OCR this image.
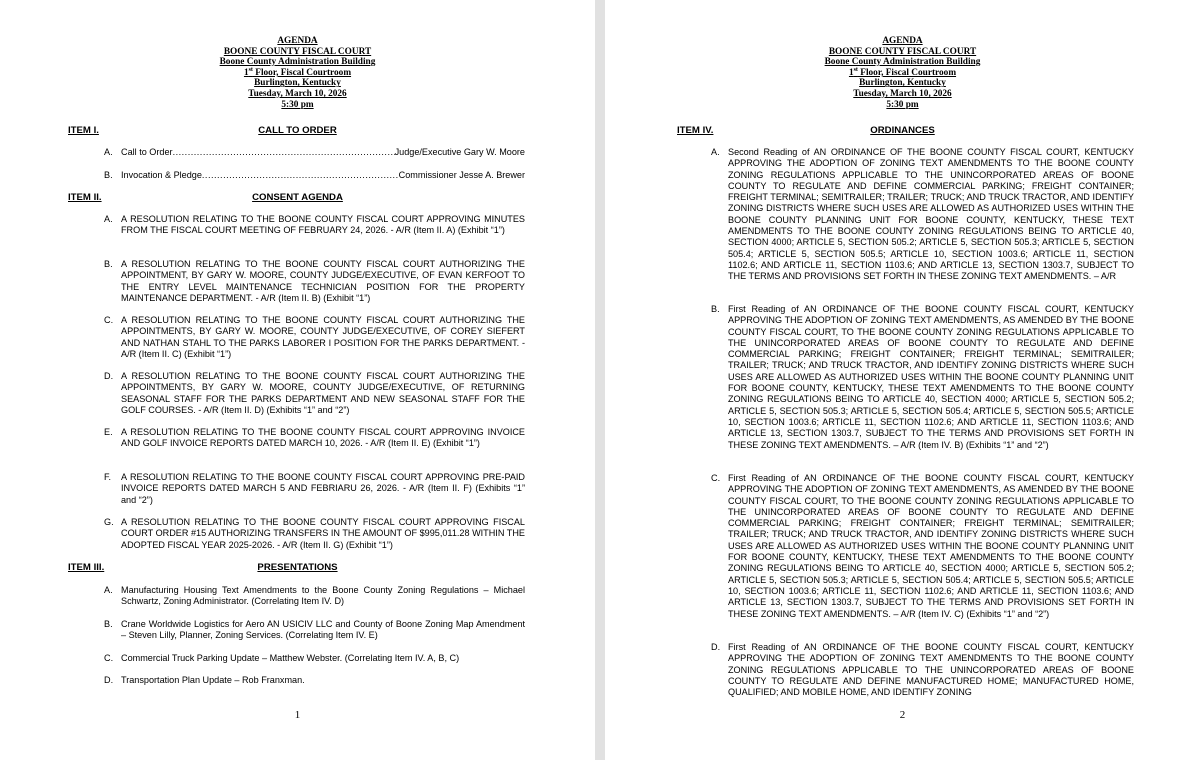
AGENDA
BOONE COUNTY FISCAL COURT
Boone County Administration Building
1st Floor, Fiscal Courtroom
Burlington, Kentucky
Tuesday, March 10, 2026
5:30 pm
ITEM I.	CALL TO ORDER
A. Call to Order .....	Judge/Executive Gary W. Moore
B. Invocation & Pledge .....	Commissioner Jesse A. Brewer
ITEM II.	CONSENT AGENDA
A. A RESOLUTION RELATING TO THE BOONE COUNTY FISCAL COURT APPROVING MINUTES FROM THE FISCAL COURT MEETING OF FEBRUARY 24, 2026. - A/R (Item II. A) (Exhibit “1”)
B. A RESOLUTION RELATING TO THE BOONE COUNTY FISCAL COURT AUTHORIZING THE APPOINTMENT, BY GARY W. MOORE, COUNTY JUDGE/EXECUTIVE, OF EVAN KERFOOT TO THE ENTRY LEVEL MAINTENANCE TECHNICIAN POSITION FOR THE PROPERTY MAINTENANCE DEPARTMENT. - A/R (Item II. B) (Exhibit “1”)
C. A RESOLUTION RELATING TO THE BOONE COUNTY FISCAL COURT AUTHORIZING THE APPOINTMENTS, BY GARY W. MOORE, COUNTY JUDGE/EXECUTIVE, OF COREY SIEFERT AND NATHAN STAHL TO THE PARKS LABORER I POSITION FOR THE PARKS DEPARTMENT. - A/R (Item II. C) (Exhibit “1”)
D. A RESOLUTION RELATING TO THE BOONE COUNTY FISCAL COURT AUTHORIZING THE APPOINTMENTS, BY GARY W. MOORE, COUNTY JUDGE/EXECUTIVE, OF RETURNING SEASONAL STAFF FOR THE PARKS DEPARTMENT AND NEW SEASONAL STAFF FOR THE GOLF COURSES. - A/R (Item II. D) (Exhibits “1” and “2”)
E. A RESOLUTION RELATING TO THE BOONE COUNTY FISCAL COURT APPROVING INVOICE AND GOLF INVOICE REPORTS DATED MARCH 10, 2026. - A/R (Item II. E) (Exhibit “1”)
F. A RESOLUTION RELATING TO THE BOONE COUNTY FISCAL COURT APPROVING PRE-PAID INVOICE REPORTS DATED MARCH 5 AND FEBRIARU 26, 2026. - A/R (Item II. F) (Exhibits “1” and “2”)
G. A RESOLUTION RELATING TO THE BOONE COUNTY FISCAL COURT APPROVING FISCAL COURT ORDER #15 AUTHORIZING TRANSFERS IN THE AMOUNT OF $995,011.28 WITHIN THE ADOPTED FISCAL YEAR 2025-2026. - A/R (Item II. G) (Exhibit “1”)
ITEM III.	PRESENTATIONS
A. Manufacturing Housing Text Amendments to the Boone County Zoning Regulations – Michael Schwartz, Zoning Administrator. (Correlating Item IV. D)
B. Crane Worldwide Logistics for Aero AN USICIV LLC and County of Boone Zoning Map Amendment – Steven Lilly, Planner, Zoning Services. (Correlating Item IV. E)
C. Commercial Truck Parking Update – Matthew Webster. (Correlating Item IV. A, B, C)
D. Transportation Plan Update – Rob Franxman.
1
AGENDA
BOONE COUNTY FISCAL COURT
Boone County Administration Building
1st Floor, Fiscal Courtroom
Burlington, Kentucky
Tuesday, March 10, 2026
5:30 pm
ITEM IV.	ORDINANCES
A. Second Reading of AN ORDINANCE OF THE BOONE COUNTY FISCAL COURT, KENTUCKY APPROVING THE ADOPTION OF ZONING TEXT AMENDMENTS TO THE BOONE COUNTY ZONING REGULATIONS APPLICABLE TO THE UNINCORPORATED AREAS OF BOONE COUNTY TO REGULATE AND DEFINE COMMERCIAL PARKING; FREIGHT CONTAINER; FREIGHT TERMINAL; SEMITRAILER; TRAILER; TRUCK; AND TRUCK TRACTOR, AND IDENTIFY ZONING DISTRICTS WHERE SUCH USES ARE ALLOWED AS AUTHORIZED USES WITHIN THE BOONE COUNTY PLANNING UNIT FOR BOONE COUNTY, KENTUCKY, THESE TEXT AMENDMENTS TO THE BOONE COUNTY ZONING REGULATIONS BEING TO ARTICLE 40, SECTION 4000; ARTICLE 5, SECTION 505.2; ARTICLE 5, SECTION 505.3; ARTICLE 5, SECTION 505.4; ARTICLE 5, SECTION 505.5; ARTICLE 10, SECTION 1003.6; ARTICLE 11, SECTION 1102.6; AND ARTICLE 11, SECTION 1103.6; AND ARTICLE 13, SECTION 1303.7, SUBJECT TO THE TERMS AND PROVISIONS SET FORTH IN THESE ZONING TEXT AMENDMENTS. – A/R
B. First Reading of AN ORDINANCE OF THE BOONE COUNTY FISCAL COURT, KENTUCKY APPROVING THE ADOPTION OF ZONING TEXT AMENDMENTS, AS AMENDED BY THE BOONE COUNTY FISCAL COURT, TO THE BOONE COUNTY ZONING REGULATIONS APPLICABLE TO THE UNINCORPORATED AREAS OF BOONE COUNTY TO REGULATE AND DEFINE COMMERCIAL PARKING; FREIGHT CONTAINER; FREIGHT TERMINAL; SEMITRAILER; TRAILER; TRUCK; AND TRUCK TRACTOR, AND IDENTIFY ZONING DISTRICTS WHERE SUCH USES ARE ALLOWED AS AUTHORIZED USES WITHIN THE BOONE COUNTY PLANNING UNIT FOR BOONE COUNTY, KENTUCKY, THESE TEXT AMENDMENTS TO THE BOONE COUNTY ZONING REGULATIONS BEING TO ARTICLE 40, SECTION 4000; ARTICLE 5, SECTION 505.2; ARTICLE 5, SECTION 505.3; ARTICLE 5, SECTION 505.4; ARTICLE 5, SECTION 505.5; ARTICLE 10, SECTION 1003.6; ARTICLE 11, SECTION 1102.6; AND ARTICLE 11, SECTION 1103.6; AND ARTICLE 13, SECTION 1303.7, SUBJECT TO THE TERMS AND PROVISIONS SET FORTH IN THESE ZONING TEXT AMENDMENTS. – A/R (Item IV. B) (Exhibits “1” and “2”)
C. First Reading of AN ORDINANCE OF THE BOONE COUNTY FISCAL COURT, KENTUCKY APPROVING THE ADOPTION OF ZONING TEXT AMENDMENTS, AS AMENDED BY THE BOONE COUNTY FISCAL COURT, TO THE BOONE COUNTY ZONING REGULATIONS APPLICABLE TO THE UNINCORPORATED AREAS OF BOONE COUNTY TO REGULATE AND DEFINE COMMERCIAL PARKING; FREIGHT CONTAINER; FREIGHT TERMINAL; SEMITRAILER; TRAILER; TRUCK; AND TRUCK TRACTOR, AND IDENTIFY ZONING DISTRICTS WHERE SUCH USES ARE ALLOWED AS AUTHORIZED USES WITHIN THE BOONE COUNTY PLANNING UNIT FOR BOONE COUNTY, KENTUCKY, THESE TEXT AMENDMENTS TO THE BOONE COUNTY ZONING REGULATIONS BEING TO ARTICLE 40, SECTION 4000; ARTICLE 5, SECTION 505.2; ARTICLE 5, SECTION 505.3; ARTICLE 5, SECTION 505.4; ARTICLE 5, SECTION 505.5; ARTICLE 10, SECTION 1003.6; ARTICLE 11, SECTION 1102.6; AND ARTICLE 11, SECTION 1103.6; AND ARTICLE 13, SECTION 1303.7, SUBJECT TO THE TERMS AND PROVISIONS SET FORTH IN THESE ZONING TEXT AMENDMENTS. – A/R (Item IV. C) (Exhibits “1” and “2”)
D. First Reading of AN ORDINANCE OF THE BOONE COUNTY FISCAL COURT, KENTUCKY APPROVING THE ADOPTION OF ZONING TEXT AMENDMENTS TO THE BOONE COUNTY ZONING REGULATIONS APPLICABLE TO THE UNINCORPORATED AREAS OF BOONE COUNTY TO REGULATE AND DEFINE MANUFACTURED HOME; MANUFACTURED HOME, QUALIFIED; AND MOBILE HOME, AND IDENTIFY ZONING
2
